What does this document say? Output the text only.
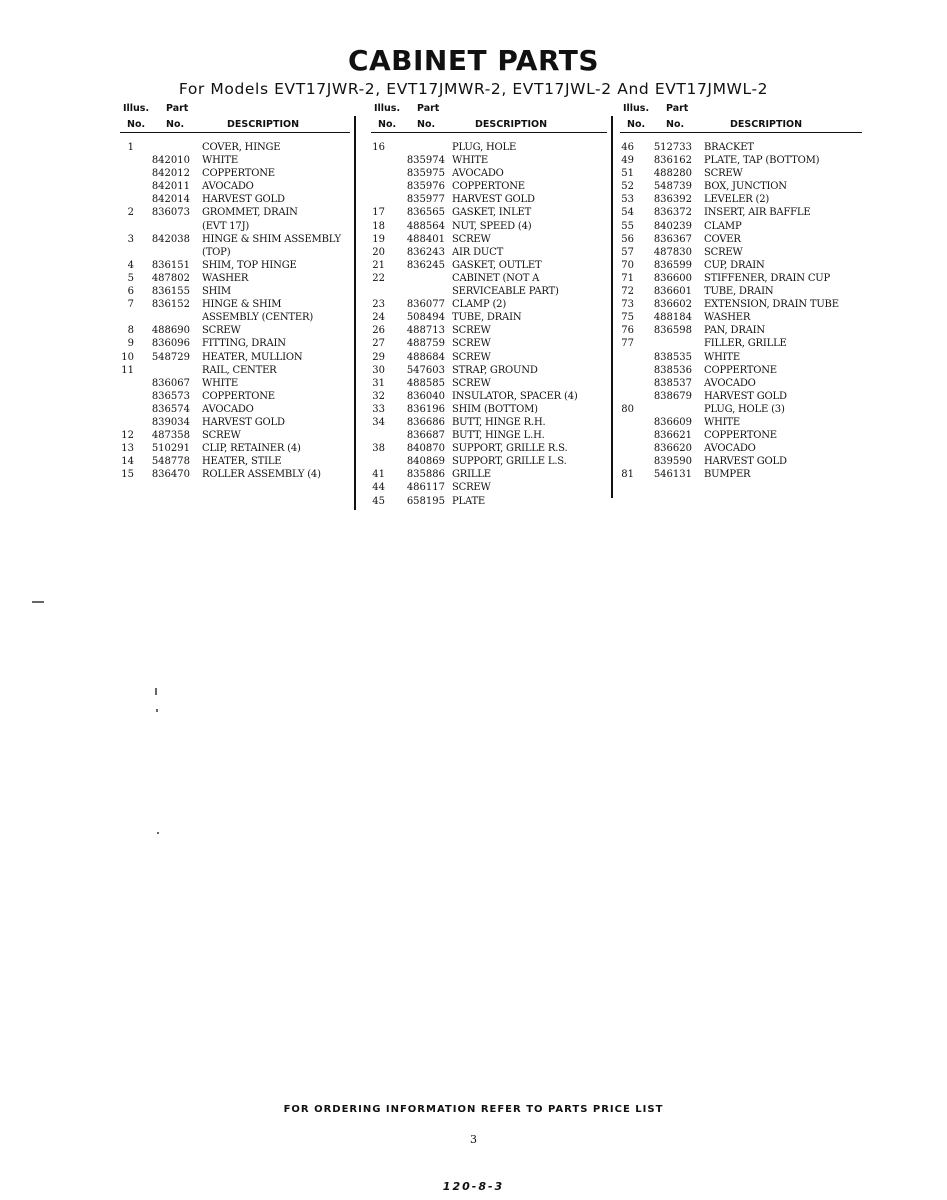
CABINET PARTS
For Models EVT17JWR-2, EVT17JMWR-2, EVT17JWL-2 And EVT17JMWL-2
Illus. Part
No. No.	DESCRIPTION
1	COVER, HINGE
842010 WHITE
842012 COPPERTONE
842011 AVOCADO
842014 HARVEST GOLD
2	836073 GROMMET, DRAIN
(EVT 17J)
3	842038 HINGE & SHIM ASSEMBLY
(TOP)
4	836151 SHIM, TOP HINGE
5	487802 WASHER
6	836155 SHIM
7	836152 HINGE & SHIM
ASSEMBLY (CENTER)
8	488690 SCREW
9	836096 FITTING, DRAIN
10	548729 HEATER, MULLION
11	RAIL, CENTER
836067 WHITE
836573 COPPERTONE
836574 AVOCADO
839034 HARVEST GOLD
12	487358 SCREW
13	510291 CLIP, RETAINER (4)
14	548778 HEATER, STILE
15	836470 ROLLER ASSEMBLY (4)
Illus. Part
No. No.	DESCRIPTION
16	PLUG, HOLE
835974 WHITE
835975 AVOCADO
835976 COPPERTONE
835977 HARVEST GOLD
17	836565 GASKET, INLET
18	488564 NUT, SPEED (4)
19	488401 SCREW
20	836243 AIR DUCT
21	836245 GASKET, OUTLET
22	CABINET (NOT A
SERVICEABLE PART)
23	836077 CLAMP (2)
24	508494 TUBE, DRAIN
26	488713 SCREW
27	488759 SCREW
29	488684 SCREW
30	547603 STRAP, GROUND
31	488585 SCREW
32	836040 INSULATOR, SPACER (4)
33	836196 SHIM (BOTTOM)
34	836686 BUTT, HINGE R.H.
836687 BUTT, HINGE L.H.
38	840870 SUPPORT, GRILLE R.S.
840869 SUPPORT, GRILLE L.S.
41	835886 GRILLE
44	486117 SCREW
45	658195 PLATE
Illus. Part
No. No.	DESCRIPTION
46	512733 BRACKET
49	836162 PLATE, TAP (BOTTOM)
51	488280 SCREW
52	548739 BOX, JUNCTION
53	836392 LEVELER (2)
54	836372 INSERT, AIR BAFFLE
55	840239 CLAMP
56	836367 COVER
57	487830 SCREW
70	836599 CUP, DRAIN
71	836600 STIFFENER, DRAIN CUP
72	836601 TUBE, DRAIN
73	836602 EXTENSION, DRAIN TUBE
75	488184 WASHER
76	836598 PAN, DRAIN
77	FILLER, GRILLE
838535 WHITE
838536 COPPERTONE
838537 AVOCADO
838679 HARVEST GOLD
80	PLUG, HOLE (3)
836609 WHITE
836621 COPPERTONE
836620 AVOCADO
839590 HARVEST GOLD
81	546131 BUMPER
FOR ORDERING INFORMATION REFER TO PARTS PRICE LIST
3
120-8-3
